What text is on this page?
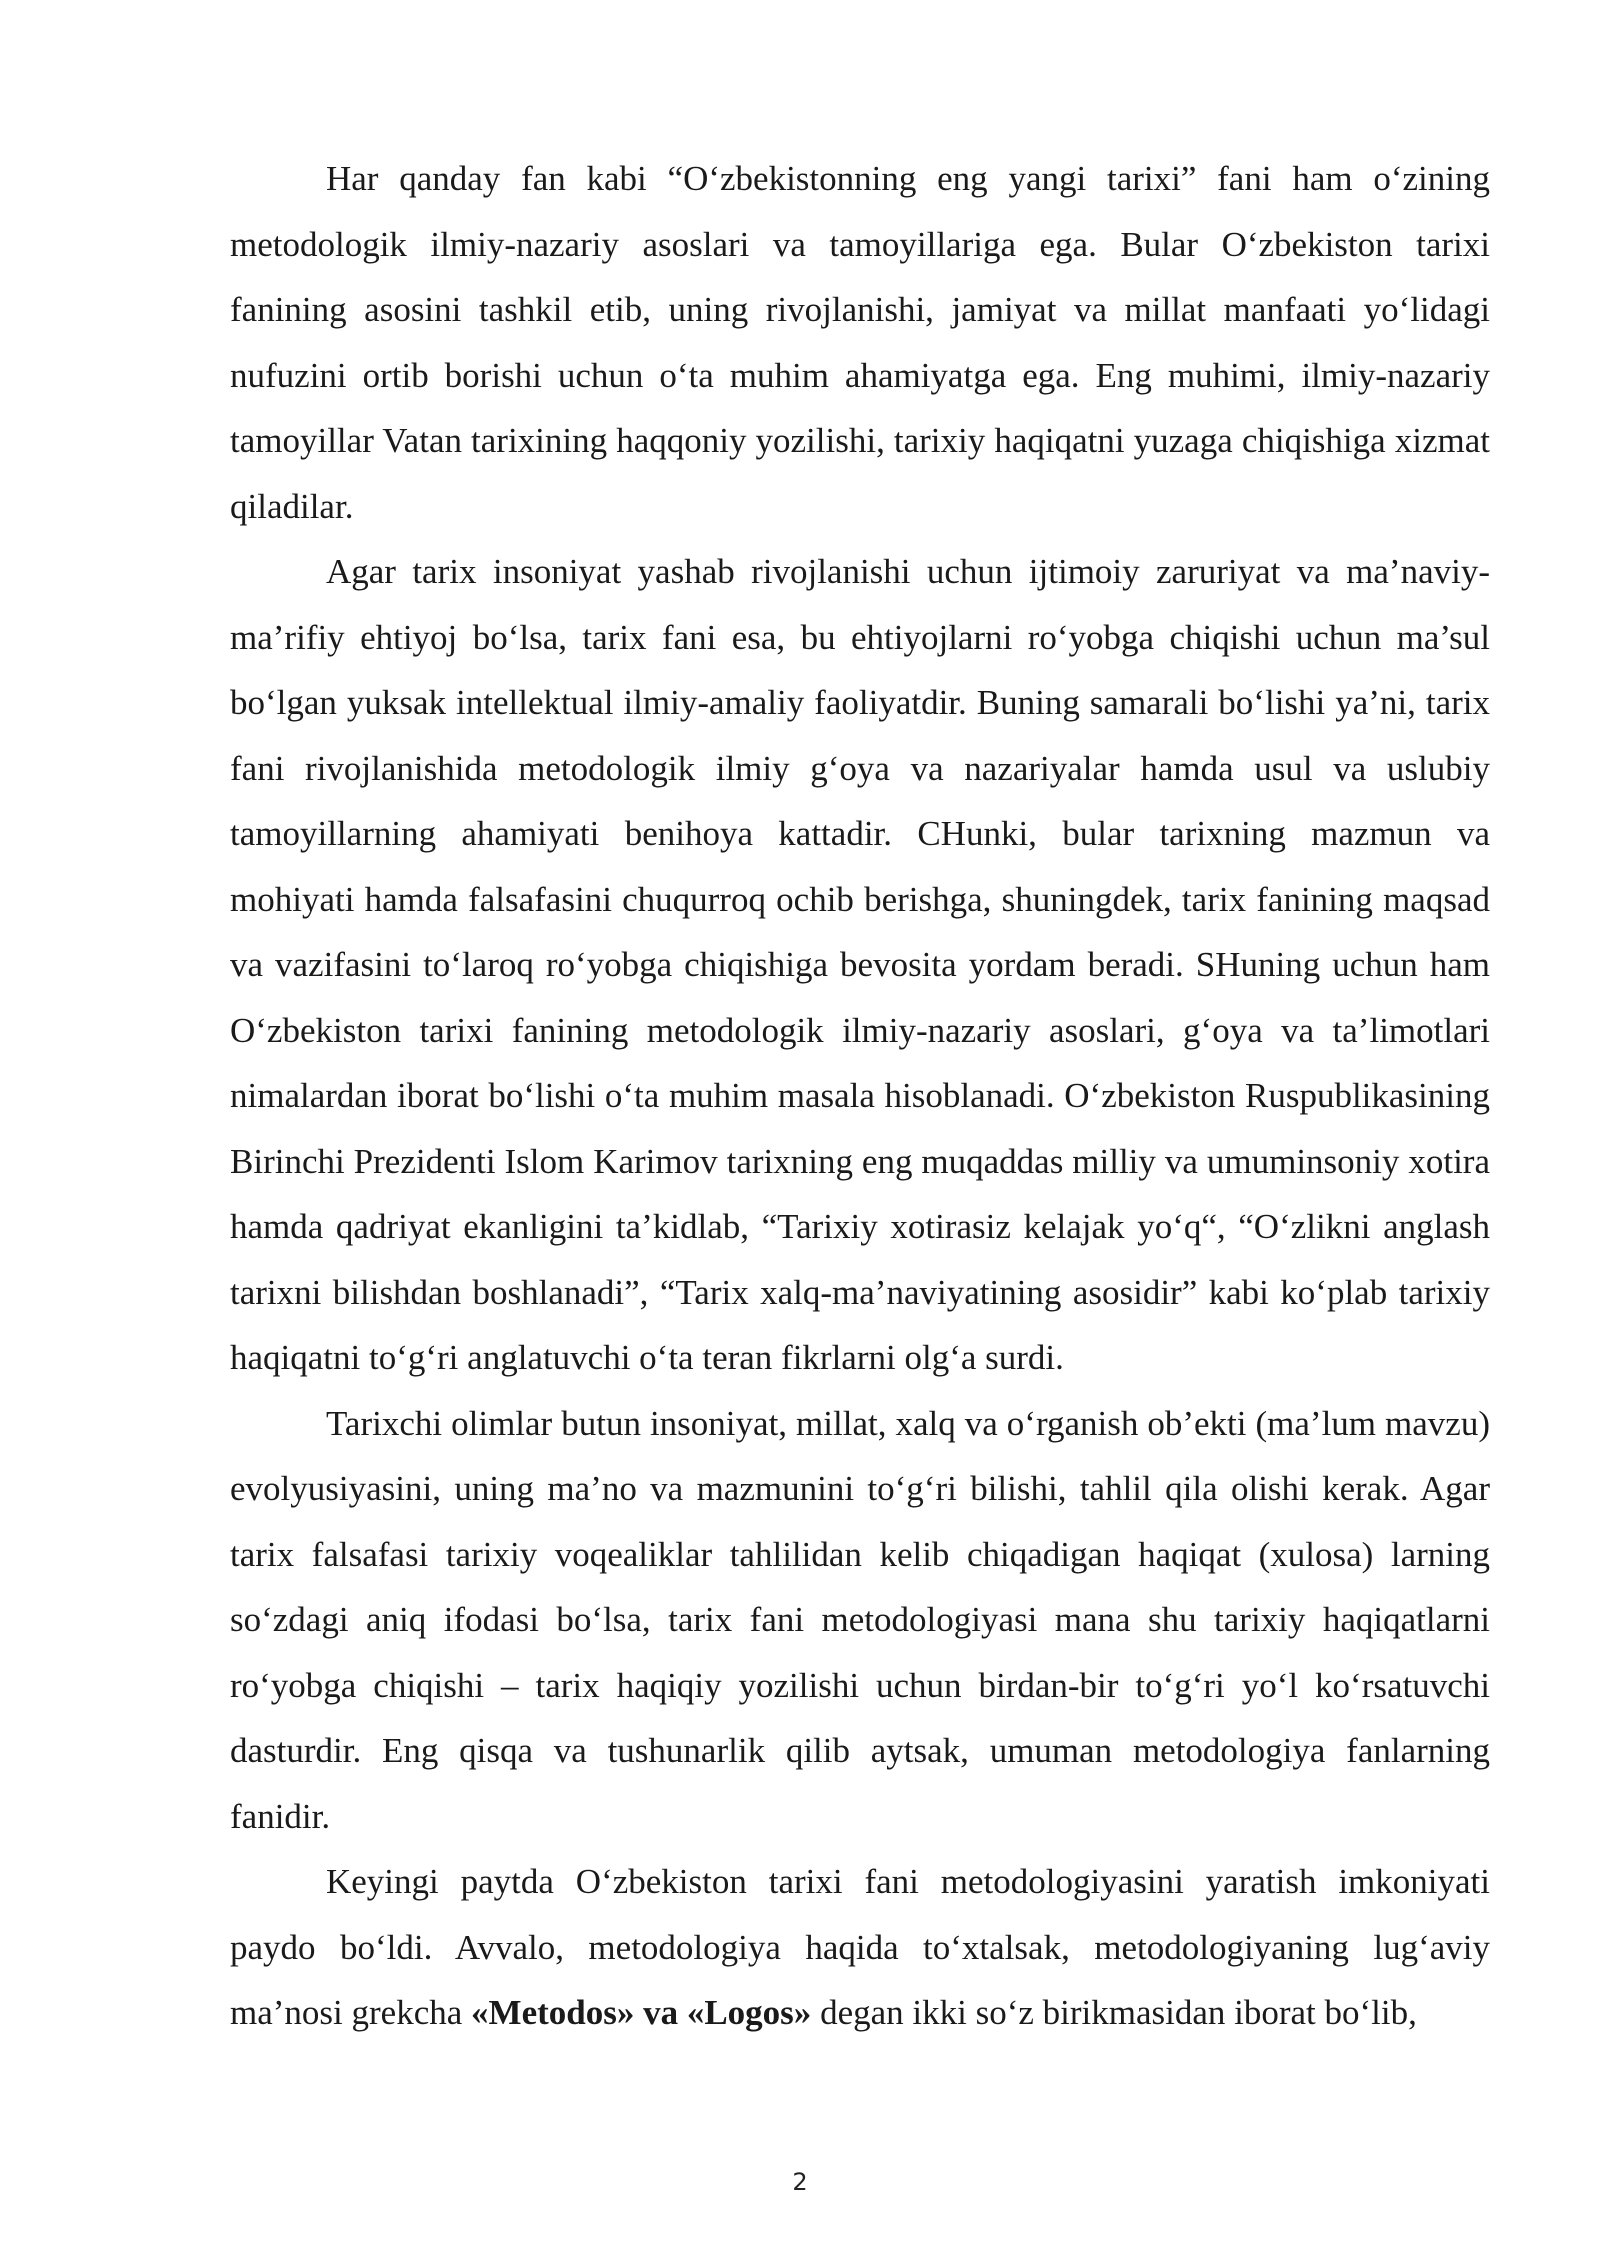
Har qanday fan kabi “O‘zbekistonning eng yangi tarixi” fani ham o‘zining metodologik ilmiy-nazariy asoslari va tamoyillariga ega. Bular O‘zbekiston tarixi fanining asosini tashkil etib, uning rivojlanishi, jamiyat va millat manfaati yo‘lidagi nufuzini ortib borishi uchun o‘ta muhim ahamiyatga ega. Eng muhimi, ilmiy-nazariy tamoyillar Vatan tarixining haqqoniy yozilishi, tarixiy haqiqatni yuzaga chiqishiga xizmat qiladilar.

Agar tarix insoniyat yashab rivojlanishi uchun ijtimoiy zaruriyat va ma’naviy-ma’rifiy ehtiyoj bo‘lsa, tarix fani esa, bu ehtiyojlarni ro‘yobga chiqishi uchun ma’sul bo‘lgan yuksak intellektual ilmiy-amaliy faoliyatdir. Buning samarali bo‘lishi ya’ni, tarix fani rivojlanishida metodologik ilmiy g‘oya va nazariyalar hamda usul va uslubiy tamoyillarning ahamiyati benihoya kattadir. CHunki, bular tarixning mazmun va mohiyati hamda falsafasini chuqurroq ochib berishga, shuningdek, tarix fanining maqsad va vazifasini to‘laroq ro‘yobga chiqishiga bevosita yordam beradi. SHuning uchun ham O‘zbekiston tarixi fanining metodologik ilmiy-nazariy asoslari, g‘oya va ta’limotlari nimalardan iborat bo‘lishi o‘ta muhim masala hisoblanadi. O‘zbekiston Ruspublikasining Birinchi Prezidenti Islom Karimov tarixning eng muqaddas milliy va umuminsoniy xotira hamda qadriyat ekanligini ta’kidlab, “Tarixiy xotirasiz kelajak yo‘q“, “O‘zlikni anglash tarixni bilishdan boshlanadi”, “Tarix xalq-ma’naviyatining asosidir” kabi ko‘plab tarixiy haqiqatni to‘g‘ri anglatuvchi o‘ta teran fikrlarni olg‘a surdi.

Tarixchi olimlar butun insoniyat, millat, xalq va o‘rganish ob’ekti (ma’lum mavzu) evolyusiyasini, uning ma’no va mazmunini to‘g‘ri bilishi, tahlil qila olishi kerak. Agar tarix falsafasi tarixiy voqealiklar tahlilidan kelib chiqadigan haqiqat (xulosa) larning so‘zdagi aniq ifodasi bo‘lsa, tarix fani metodologiyasi mana shu tarixiy haqiqatlarni ro‘yobga chiqishi – tarix haqiqiy yozilishi uchun birdan-bir to‘g‘ri yo‘l ko‘rsatuvchi dasturdir. Eng qisqa va tushunarlik qilib aytsak, umuman metodologiya fanlarning fanidir.

Keyingi paytda O‘zbekiston tarixi fani metodologiyasini yaratish imkoniyati paydo bo‘ldi. Avvalo, metodologiya haqida to‘xtalsak, metodologiyaning lug‘aviy ma’nosi grekcha «Metodos» va «Logos» degan ikki so‘z birikmasidan iborat bo‘lib,

2
